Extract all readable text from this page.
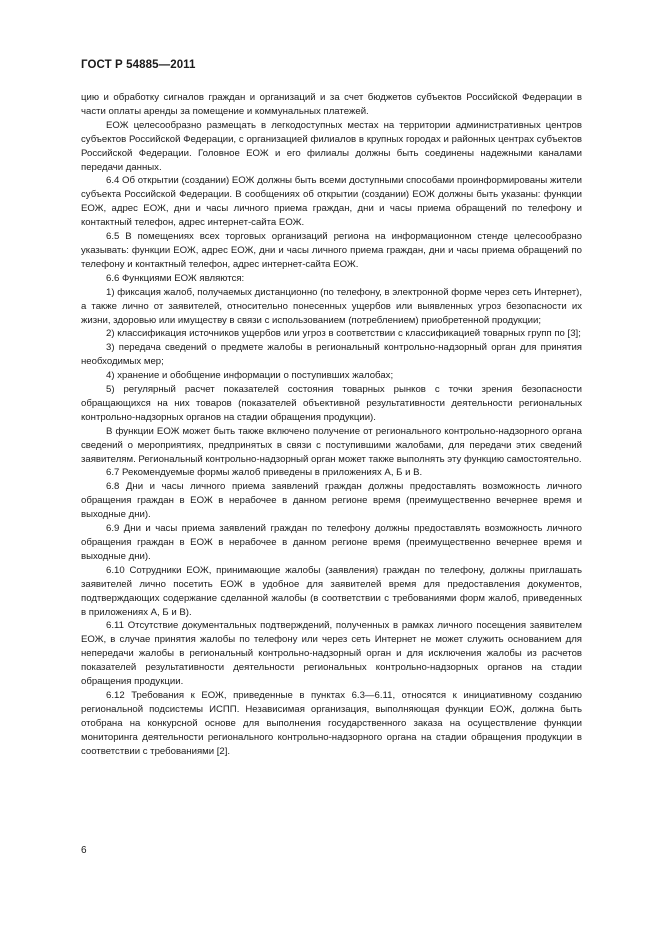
ГОСТ Р 54885—2011

цию и обработку сигналов граждан и организаций и за счет бюджетов субъектов Российской Федерации в части оплаты аренды за помещение и коммунальных платежей.

ЕОЖ целесообразно размещать в легкодоступных местах на территории административных центров субъектов Российской Федерации, с организацией филиалов в крупных городах и районных центрах субъектов Российской Федерации. Головное ЕОЖ и его филиалы должны быть соединены надежными каналами передачи данных.

6.4 Об открытии (создании) ЕОЖ должны быть всеми доступными способами проинформированы жители субъекта Российской Федерации. В сообщениях об открытии (создании) ЕОЖ должны быть указаны: функции ЕОЖ, адрес ЕОЖ, дни и часы личного приема граждан, дни и часы приема обращений по телефону и контактный телефон, адрес интернет-сайта ЕОЖ.

6.5 В помещениях всех торговых организаций региона на информационном стенде целесообразно указывать: функции ЕОЖ, адрес ЕОЖ, дни и часы личного приема граждан, дни и часы приема обращений по телефону и контактный телефон, адрес интернет-сайта ЕОЖ.

6.6 Функциями ЕОЖ являются:

1) фиксация жалоб, получаемых дистанционно (по телефону, в электронной форме через сеть Интернет), а также лично от заявителей, относительно понесенных ущербов или выявленных угроз безопасности их жизни, здоровью или имуществу в связи с использованием (потреблением) приобретенной продукции;

2) классификация источников ущербов или угроз в соответствии с классификацией товарных групп по [3];

3) передача сведений о предмете жалобы в региональный контрольно-надзорный орган для принятия необходимых мер;

4) хранение и обобщение информации о поступивших жалобах;

5) регулярный расчет показателей состояния товарных рынков с точки зрения безопасности обращающихся на них товаров (показателей объективной результативности деятельности региональных контрольно-надзорных органов на стадии обращения продукции).

В функции ЕОЖ может быть также включено получение от регионального контрольно-надзорного органа сведений о мероприятиях, предпринятых в связи с поступившими жалобами, для передачи этих сведений заявителям. Региональный контрольно-надзорный орган может также выполнять эту функцию самостоятельно.

6.7 Рекомендуемые формы жалоб приведены в приложениях А, Б и В.

6.8 Дни и часы личного приема заявлений граждан должны предоставлять возможность личного обращения граждан в ЕОЖ в нерабочее в данном регионе время (преимущественно вечернее время и выходные дни).

6.9 Дни и часы приема заявлений граждан по телефону должны предоставлять возможность личного обращения граждан в ЕОЖ в нерабочее в данном регионе время (преимущественно вечернее время и выходные дни).

6.10 Сотрудники ЕОЖ, принимающие жалобы (заявления) граждан по телефону, должны приглашать заявителей лично посетить ЕОЖ в удобное для заявителей время для предоставления документов, подтверждающих содержание сделанной жалобы (в соответствии с требованиями форм жалоб, приведенных в приложениях А, Б и В).

6.11 Отсутствие документальных подтверждений, полученных в рамках личного посещения заявителем ЕОЖ, в случае принятия жалобы по телефону или через сеть Интернет не может служить основанием для непередачи жалобы в региональный контрольно-надзорный орган и для исключения жалобы из расчетов показателей результативности деятельности региональных контрольно-надзорных органов на стадии обращения продукции.

6.12 Требования к ЕОЖ, приведенные в пунктах 6.3—6.11, относятся к инициативному созданию региональной подсистемы ИСПП. Независимая организация, выполняющая функции ЕОЖ, должна быть отобрана на конкурсной основе для выполнения государственного заказа на осуществление функции мониторинга деятельности регионального контрольно-надзорного органа на стадии обращения продукции в соответствии с требованиями [2].

6
